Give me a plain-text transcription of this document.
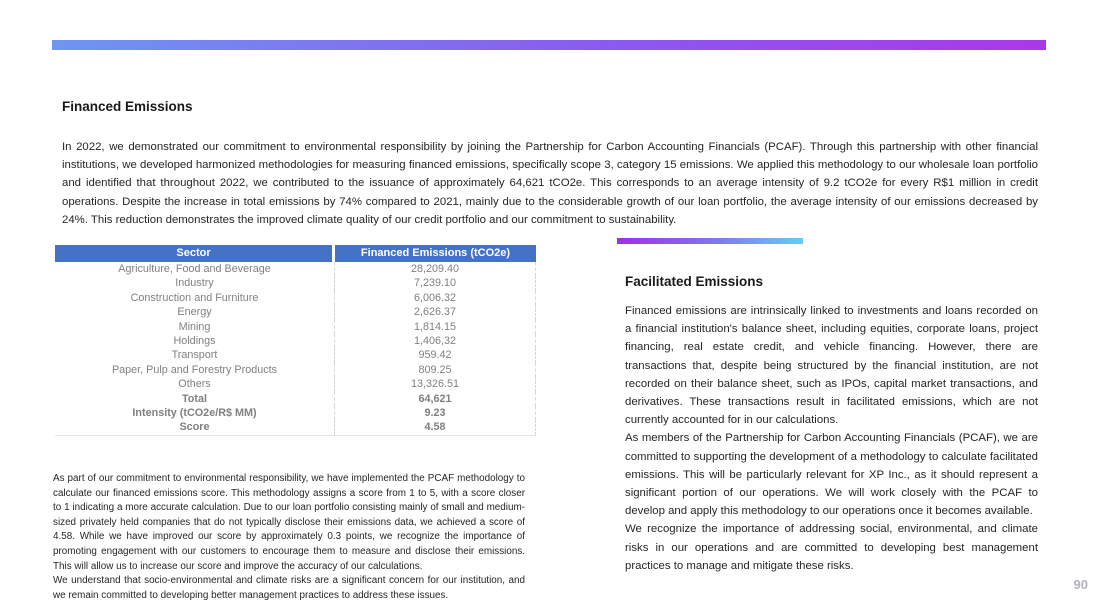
Financed Emissions
In 2022, we demonstrated our commitment to environmental responsibility by joining the Partnership for Carbon Accounting Financials (PCAF). Through this partnership with other financial institutions, we developed harmonized methodologies for measuring financed emissions, specifically scope 3, category 15 emissions. We applied this methodology to our wholesale loan portfolio and identified that throughout 2022, we contributed to the issuance of approximately 64,621 tCO2e. This corresponds to an average intensity of 9.2 tCO2e for every R$1 million in credit operations. Despite the increase in total emissions by 74% compared to 2021, mainly due to the considerable growth of our loan portfolio, the average intensity of our emissions decreased by 24%. This reduction demonstrates the improved climate quality of our credit portfolio and our commitment to sustainability.
Sector	Financed Emissions (tCO2e)
Agriculture, Food and Beverage	28,209.40
Industry	7,239.10
Construction and Furniture	6,006.32
Energy	2,626.37
Mining	1,814.15
Holdings	1,406,32
Transport	959.42
Paper, Pulp and Forestry Products	809.25
Others	13,326.51
Total	64,621
Intensity (tCO2e/R$ MM)	9.23
Score	4.58

As part of our commitment to environmental responsibility, we have implemented the PCAF methodology to calculate our financed emissions score. This methodology assigns a score from 1 to 5, with a score closer to 1 indicating a more accurate calculation. Due to our loan portfolio consisting mainly of small and medium-sized privately held companies that do not typically disclose their emissions data, we achieved a score of 4.58. While we have improved our score by approximately 0.3 points, we recognize the importance of promoting engagement with our customers to encourage them to measure and disclose their emissions. This will allow us to increase our score and improve the accuracy of our calculations.

We understand that socio-environmental and climate risks are a significant concern for our institution, and we remain committed to developing better management practices to address these issues.

Facilitated Emissions

Financed emissions are intrinsically linked to investments and loans recorded on a financial institution's balance sheet, including equities, corporate loans, project financing, real estate credit, and vehicle financing. However, there are transactions that, despite being structured by the financial institution, are not recorded on their balance sheet, such as IPOs, capital market transactions, and derivatives. These transactions result in facilitated emissions, which are not currently accounted for in our calculations.

As members of the Partnership for Carbon Accounting Financials (PCAF), we are committed to supporting the development of a methodology to calculate facilitated emissions. This will be particularly relevant for XP Inc., as it should represent a significant portion of our operations. We will work closely with the PCAF to develop and apply this methodology to our operations once it becomes available.

We recognize the importance of addressing social, environmental, and climate risks in our operations and are committed to developing best management practices to manage and mitigate these risks.

90
